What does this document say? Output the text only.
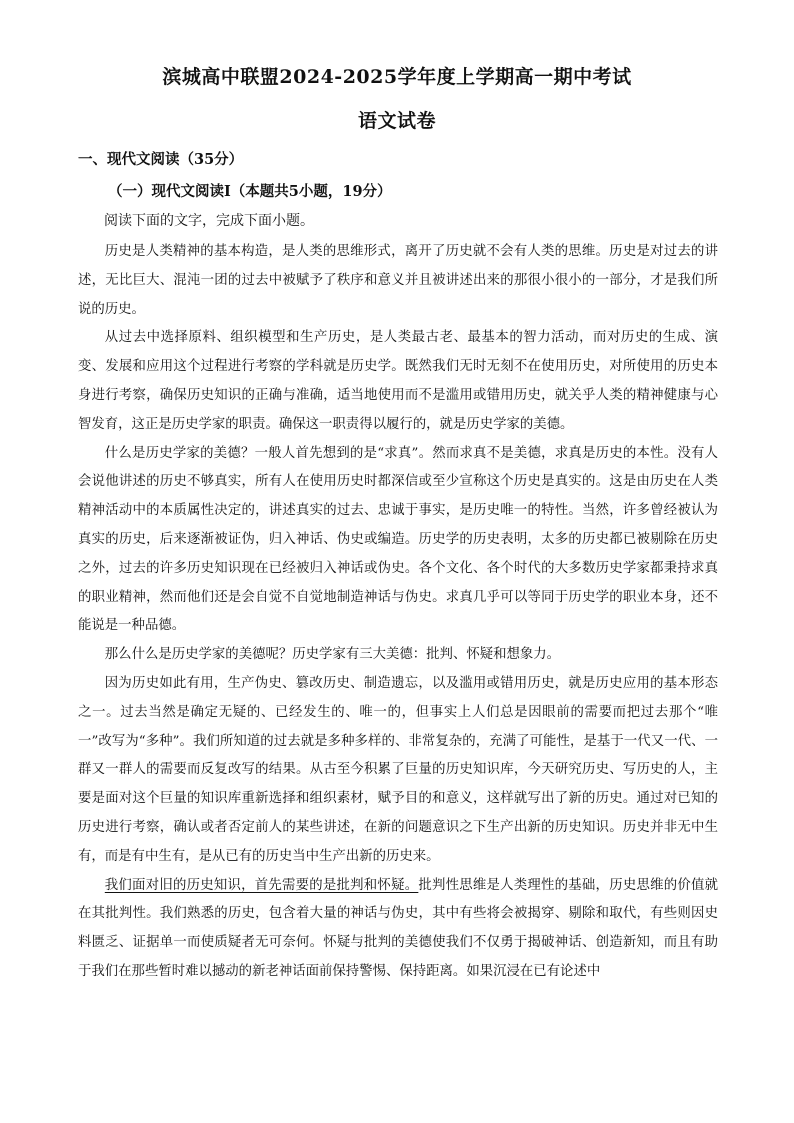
滨城高中联盟2024-2025学年度上学期高一期中考试
语文试卷
一、现代文阅读（35分）
（一）现代文阅读Ⅰ（本题共5小题，19分）
阅读下面的文字，完成下面小题。

历史是人类精神的基本构造，是人类的思维形式，离开了历史就不会有人类的思维。历史是对过去的讲述，无比巨大、混沌一团的过去中被赋予了秩序和意义并且被讲述出来的那很小很小的一部分，才是我们所说的历史。

从过去中选择原料、组织模型和生产历史，是人类最古老、最基本的智力活动，而对历史的生成、演变、发展和应用这个过程进行考察的学科就是历史学。既然我们无时无刻不在使用历史，对所使用的历史本身进行考察，确保历史知识的正确与准确，适当地使用而不是滥用或错用历史，就关乎人类的精神健康与心智发育，这正是历史学家的职责。确保这一职责得以履行的，就是历史学家的美德。

什么是历史学家的美德？一般人首先想到的是“求真”。然而求真不是美德，求真是历史的本性。没有人会说他讲述的历史不够真实，所有人在使用历史时都深信或至少宣称这个历史是真实的。这是由历史在人类精神活动中的本质属性决定的，讲述真实的过去、忠诚于事实，是历史唯一的特性。当然，许多曾经被认为真实的历史，后来逐渐被证伪，归入神话、伪史或编造。历史学的历史表明，太多的历史都已被剔除在历史之外，过去的许多历史知识现在已经被归入神话或伪史。各个文化、各个时代的大多数历史学家都秉持求真的职业精神，然而他们还是会自觉不自觉地制造神话与伪史。求真几乎可以等同于历史学的职业本身，还不能说是一种品德。

那么什么是历史学家的美德呢？历史学家有三大美德：批判、怀疑和想象力。

因为历史如此有用，生产伪史、篡改历史、制造遗忘，以及滥用或错用历史，就是历史应用的基本形态之一。过去当然是确定无疑的、已经发生的、唯一的，但事实上人们总是因眼前的需要而把过去那个“唯一”改写为“多种”。我们所知道的过去就是多种多样的、非常复杂的，充满了可能性，是基于一代又一代、一群又一群人的需要而反复改写的结果。从古至今积累了巨量的历史知识库，今天研究历史、写历史的人，主要是面对这个巨量的知识库重新选择和组织素材，赋予目的和意义，这样就写出了新的历史。通过对已知的历史进行考察，确认或者否定前人的某些讲述，在新的问题意识之下生产出新的历史知识。历史并非无中生有，而是有中生有，是从已有的历史当中生产出新的历史来。

我们面对旧的历史知识，首先需要的是批判和怀疑。批判性思维是人类理性的基础，历史思维的价值就在其批判性。我们熟悉的历史，包含着大量的神话与伪史，其中有些将会被揭穿、剔除和取代，有些则因史料匮乏、证据单一而使质疑者无可奈何。怀疑与批判的美德使我们不仅勇于揭破神话、创造新知，而且有助于我们在那些暂时难以撼动的新老神话面前保持警惕、保持距离。如果沉浸在已有论述中
